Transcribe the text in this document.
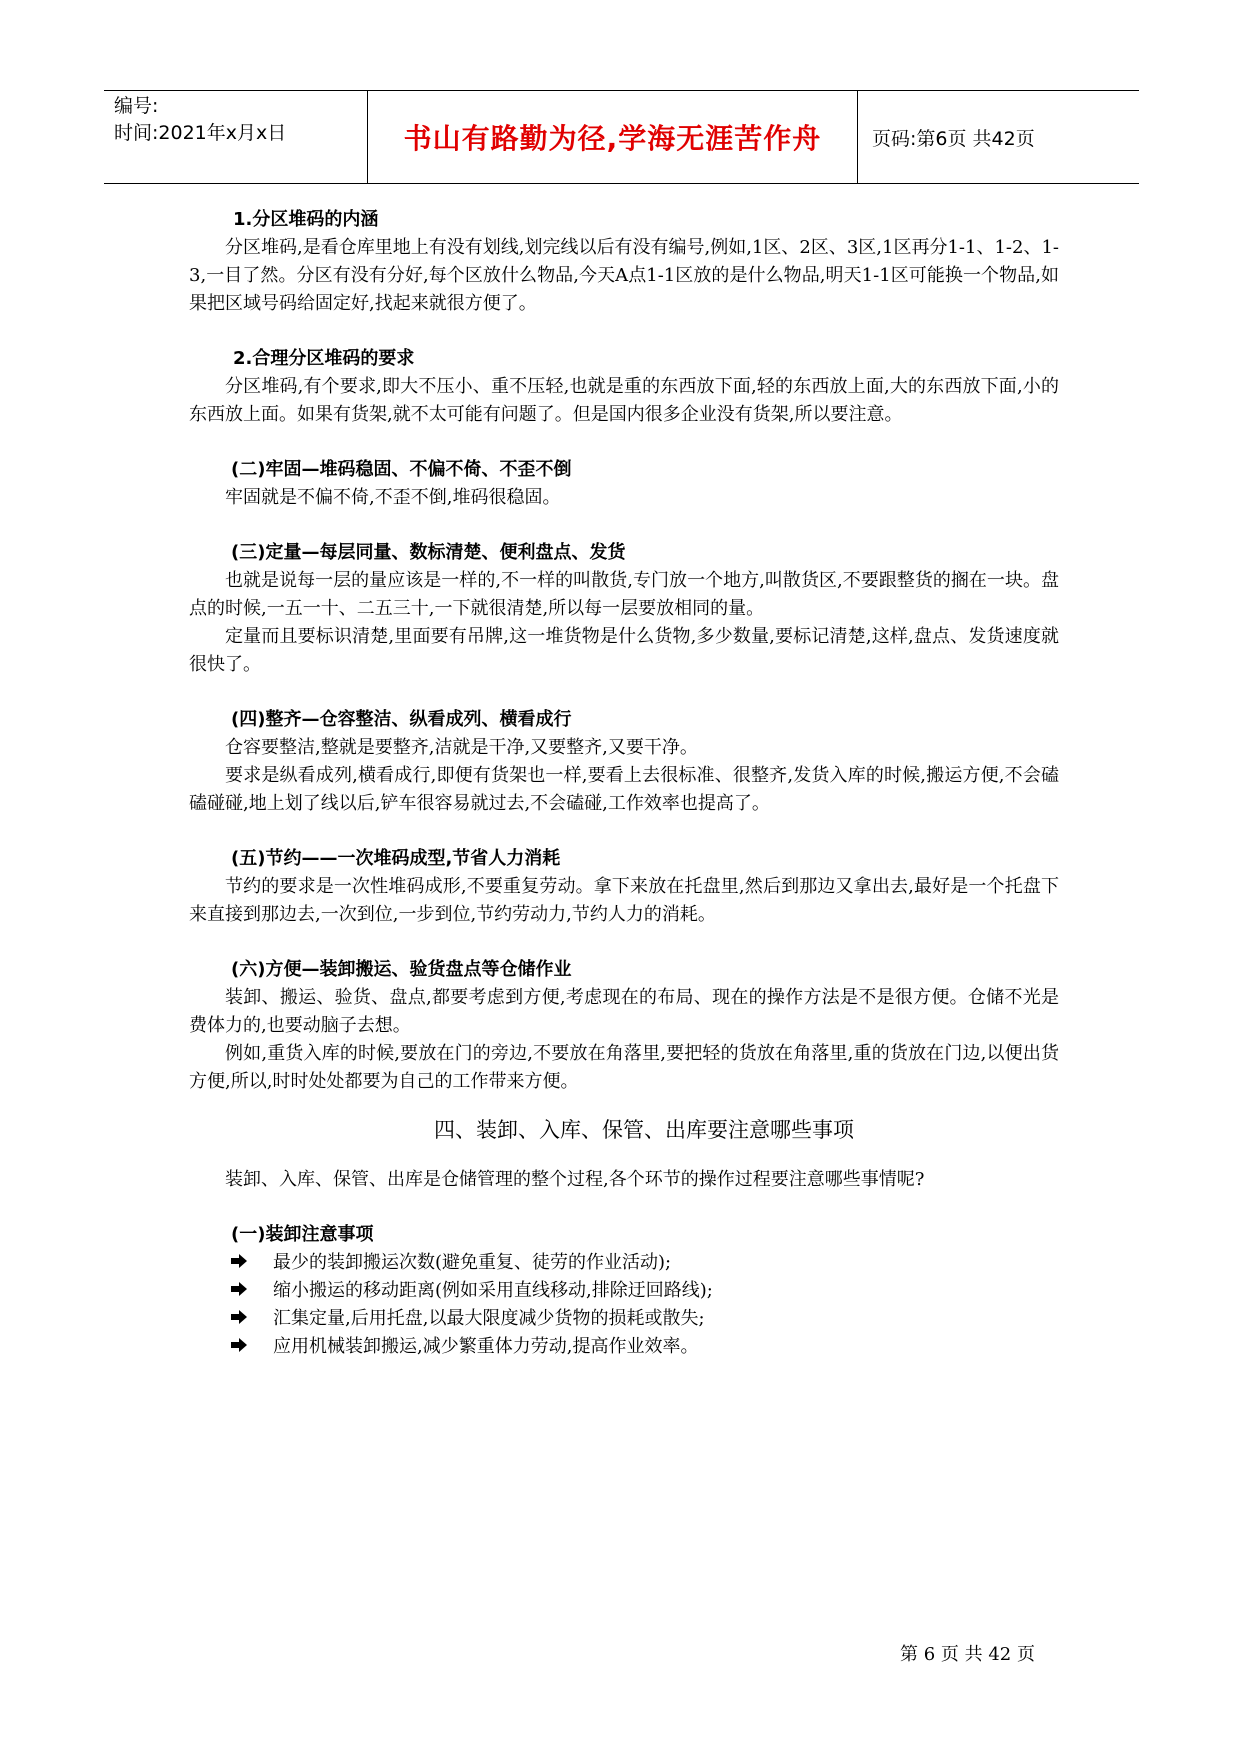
编号:
时间:2021年x月x日	书山有路勤为径,学海无涯苦作舟	页码:第6页 共42页

1.分区堆码的内涵

分区堆码,是看仓库里地上有没有划线,划完线以后有没有编号,例如,1区、2区、3区,1区再分1-1、1-2、1-3,一目了然。分区有没有分好,每个区放什么物品,今天A点1-1区放的是什么物品,明天1-1区可能换一个物品,如果把区域号码给固定好,找起来就很方便了。

2.合理分区堆码的要求

分区堆码,有个要求,即大不压小、重不压轻,也就是重的东西放下面,轻的东西放上面,大的东西放下面,小的东西放上面。如果有货架,就不太可能有问题了。但是国内很多企业没有货架,所以要注意。

(二)牢固—堆码稳固、不偏不倚、不歪不倒

牢固就是不偏不倚,不歪不倒,堆码很稳固。

(三)定量—每层同量、数标清楚、便利盘点、发货

也就是说每一层的量应该是一样的,不一样的叫散货,专门放一个地方,叫散货区,不要跟整货的搁在一块。盘点的时候,一五一十、二五三十,一下就很清楚,所以每一层要放相同的量。

定量而且要标识清楚,里面要有吊牌,这一堆货物是什么货物,多少数量,要标记清楚,这样,盘点、发货速度就很快了。

(四)整齐—仓容整洁、纵看成列、横看成行

仓容要整洁,整就是要整齐,洁就是干净,又要整齐,又要干净。

要求是纵看成列,横看成行,即便有货架也一样,要看上去很标准、很整齐,发货入库的时候,搬运方便,不会磕磕碰碰,地上划了线以后,铲车很容易就过去,不会磕碰,工作效率也提高了。

(五)节约——一次堆码成型,节省人力消耗

节约的要求是一次性堆码成形,不要重复劳动。拿下来放在托盘里,然后到那边又拿出去,最好是一个托盘下来直接到那边去,一次到位,一步到位,节约劳动力,节约人力的消耗。

(六)方便—装卸搬运、验货盘点等仓储作业

装卸、搬运、验货、盘点,都要考虑到方便,考虑现在的布局、现在的操作方法是不是很方便。仓储不光是费体力的,也要动脑子去想。

例如,重货入库的时候,要放在门的旁边,不要放在角落里,要把轻的货放在角落里,重的货放在门边,以便出货方便,所以,时时处处都要为自己的工作带来方便。

四、装卸、入库、保管、出库要注意哪些事项

装卸、入库、保管、出库是仓储管理的整个过程,各个环节的操作过程要注意哪些事情呢?

(一)装卸注意事项

最少的装卸搬运次数(避免重复、徒劳的作业活动);
缩小搬运的移动距离(例如采用直线移动,排除迂回路线);
汇集定量,后用托盘,以最大限度减少货物的损耗或散失;
应用机械装卸搬运,减少繁重体力劳动,提高作业效率。
第 6 页 共 42 页
